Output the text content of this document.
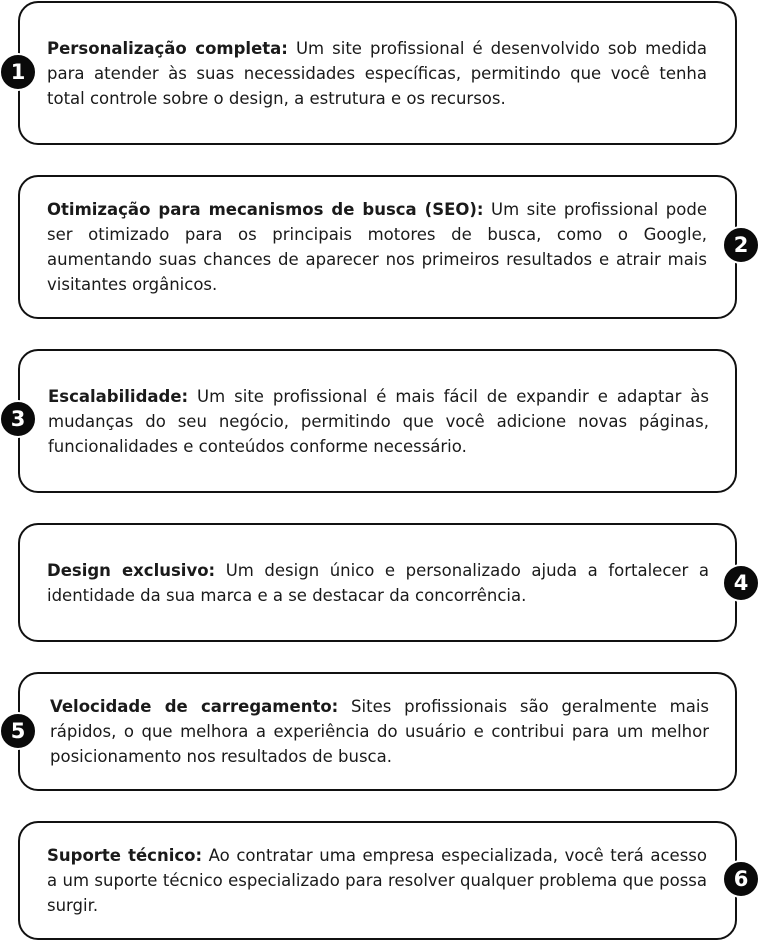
Personalização completa: Um site profissional é desenvolvido sob medida para atender às suas necessidades específicas, permitindo que você tenha total controle sobre o design, a estrutura e os recursos.

1

Otimização para mecanismos de busca (SEO): Um site profissional pode ser otimizado para os principais motores de busca, como o Google, aumentando suas chances de aparecer nos primeiros resultados e atrair mais visitantes orgânicos.

2

Escalabilidade: Um site profissional é mais fácil de expandir e adaptar às mudanças do seu negócio, permitindo que você adicione novas páginas, funcionalidades e conteúdos conforme necessário.

3

Design exclusivo: Um design único e personalizado ajuda a fortalecer a identidade da sua marca e a se destacar da concorrência.	4

Velocidade de carregamento: Sites profissionais são geralmente mais rápidos, o que melhora a experiência do usuário e contribui para um melhor posicionamento nos resultados de busca.

5

Suporte técnico: Ao contratar uma empresa especializada, você terá acesso a um suporte técnico especializado para resolver qualquer problema que possa surgir.

6
